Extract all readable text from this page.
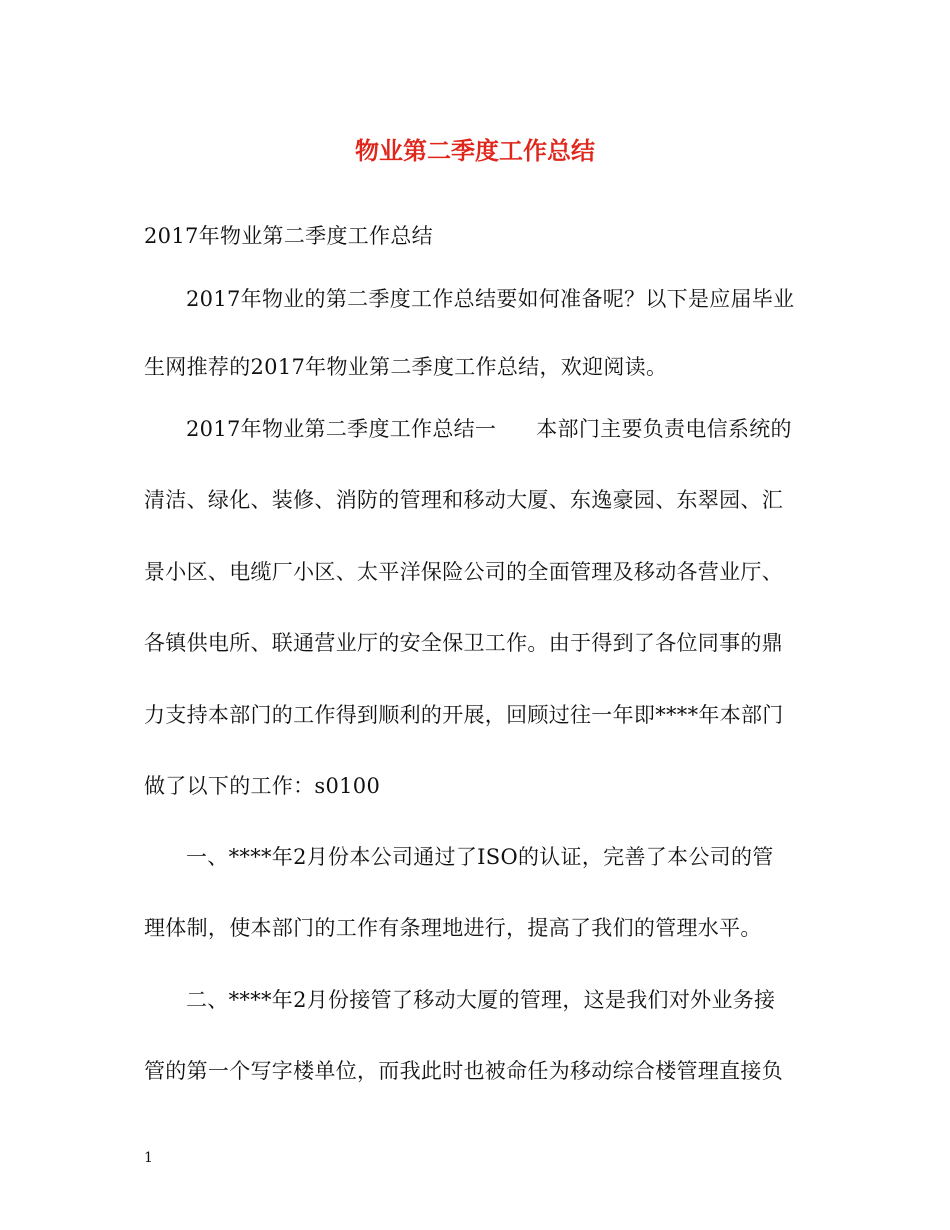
物业第二季度工作总结
2017年物业第二季度工作总结
2017年物业的第二季度工作总结要如何准备呢？以下是应届毕业
生网推荐的2017年物业第二季度工作总结，欢迎阅读。
2017年物业第二季度工作总结一 本部门主要负责电信系统的
清洁、绿化、装修、消防的管理和移动大厦、东逸豪园、东翠园、汇
景小区、电缆厂小区、太平洋保险公司的全面管理及移动各营业厅、
各镇供电所、联通营业厅的安全保卫工作。由于得到了各位同事的鼎
力支持本部门的工作得到顺利的开展，回顾过往一年即****年本部门
做了以下的工作：s0100
一、****年2月份本公司通过了ISO的认证，完善了本公司的管
理体制，使本部门的工作有条理地进行，提高了我们的管理水平。
二、****年2月份接管了移动大厦的管理，这是我们对外业务接
管的第一个写字楼单位，而我此时也被命任为移动综合楼管理直接负
1
